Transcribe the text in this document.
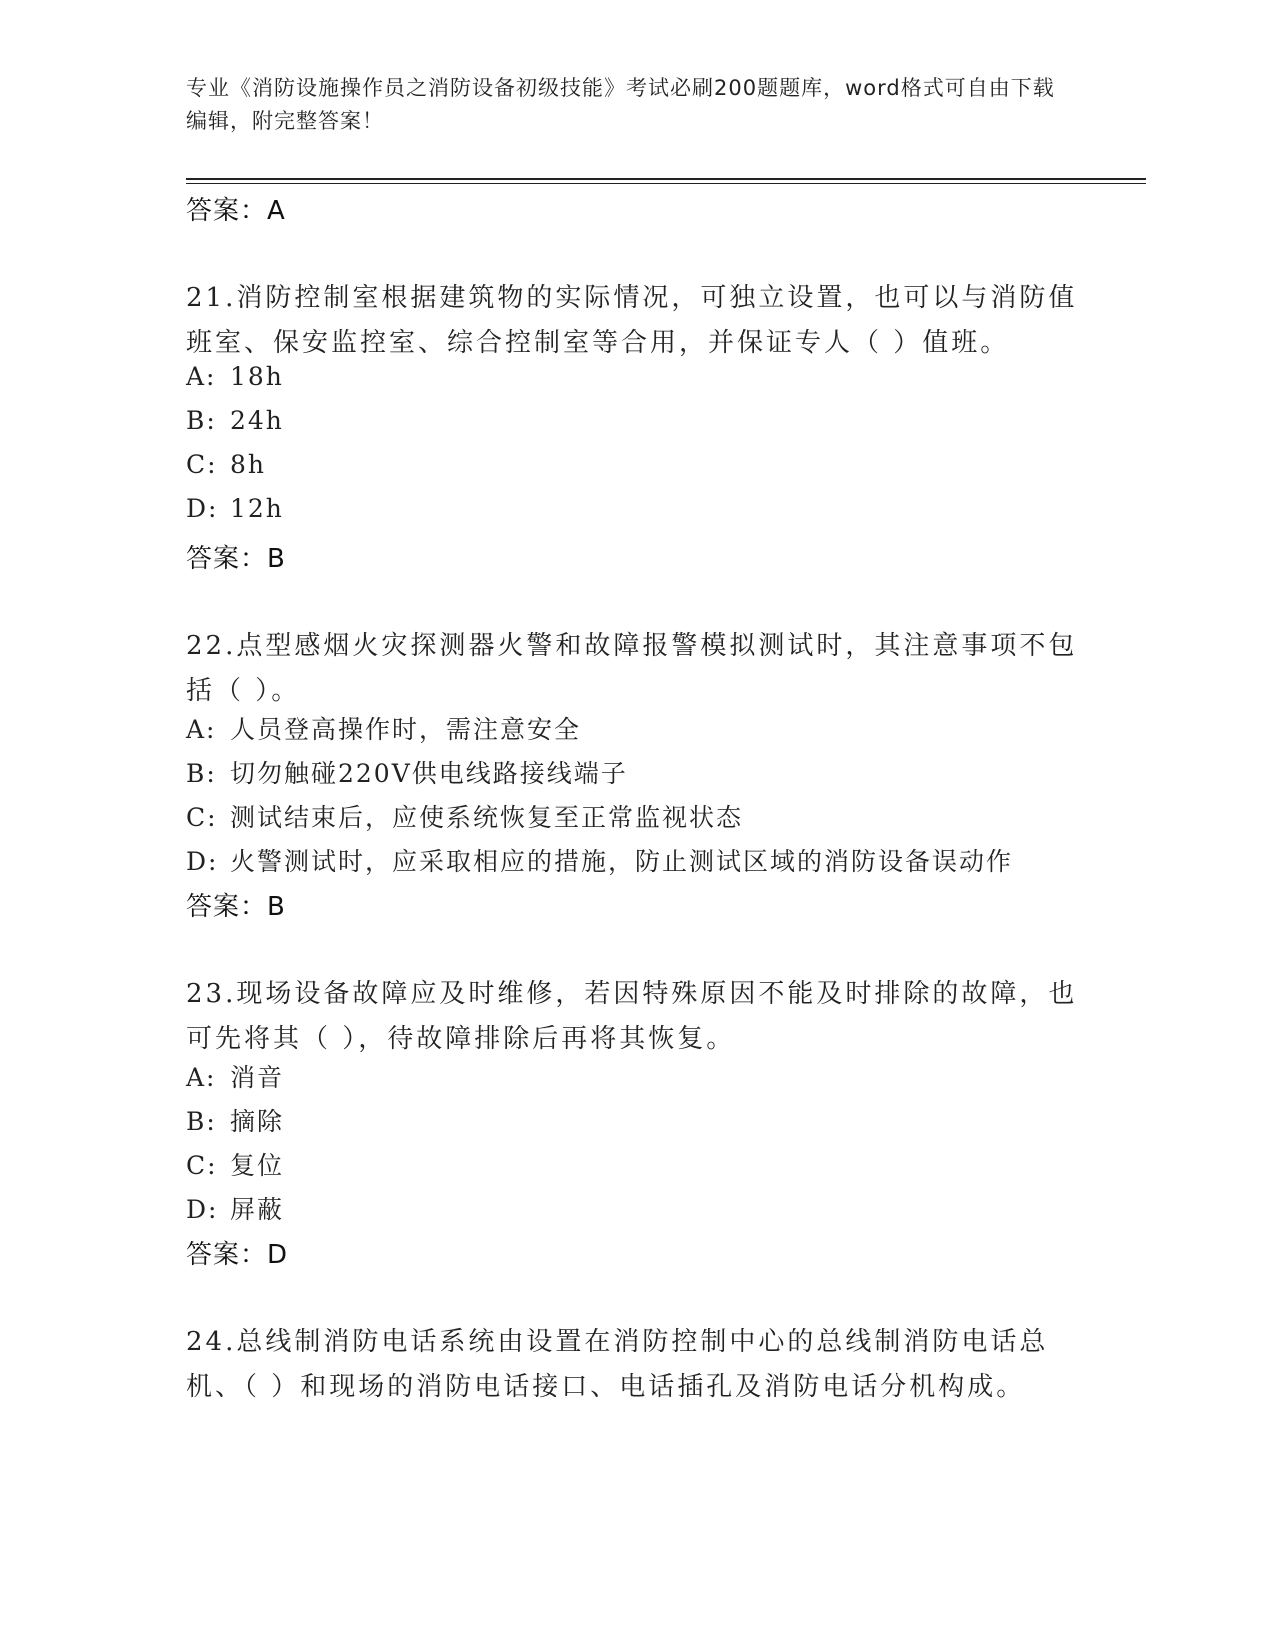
专业《消防设施操作员之消防设备初级技能》考试必刷200题题库，word格式可自由下载编辑，附完整答案！
答案：A
21.消防控制室根据建筑物的实际情况，可独立设置，也可以与消防值班室、保安监控室、综合控制室等合用，并保证专人（ ）值班。
A: 18h
B: 24h
C: 8h
D: 12h
答案：B
22.点型感烟火灾探测器火警和故障报警模拟测试时，其注意事项不包括（ ）。
A: 人员登高操作时，需注意安全
B: 切勿触碰220V供电线路接线端子
C: 测试结束后，应使系统恢复至正常监视状态
D: 火警测试时，应采取相应的措施，防止测试区域的消防设备误动作
答案：B
23.现场设备故障应及时维修，若因特殊原因不能及时排除的故障，也可先将其（ ），待故障排除后再将其恢复。
A: 消音
B: 摘除
C: 复位
D: 屏蔽
答案：D
24.总线制消防电话系统由设置在消防控制中心的总线制消防电话总机、（ ）和现场的消防电话接口、电话插孔及消防电话分机构成。
